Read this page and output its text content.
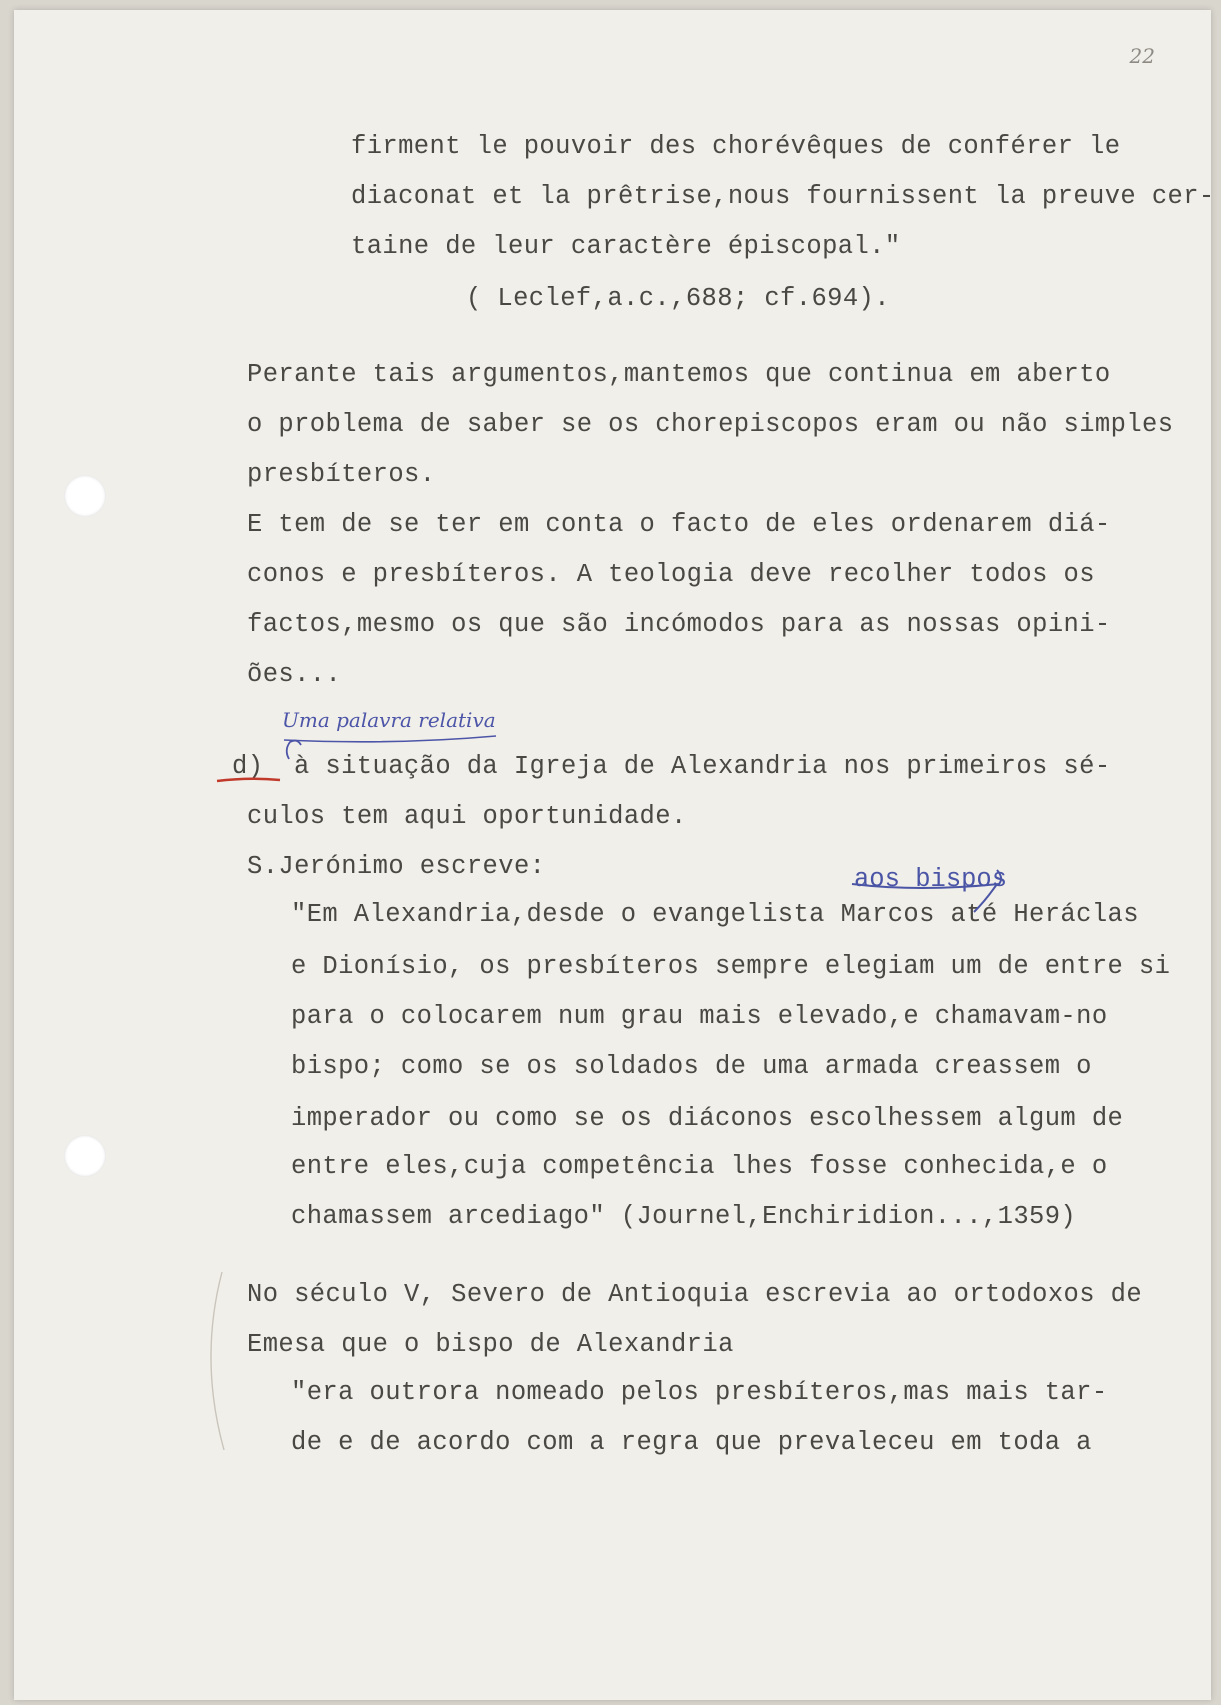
22
firment le pouvoir des chorévêques de conférer le
diaconat et la prêtrise,nous fournissent la preuve cer-
taine de leur caractère épiscopal."
( Leclef,a.c.,688; cf.694).
Perante tais argumentos,mantemos que continua em aberto
o problema de saber se os chorepiscopos eram ou não simples
presbíteros.
E tem de se ter em conta o facto de eles ordenarem diá-
conos e presbíteros. A teologia deve recolher todos os
factos,mesmo os que são incómodos para as nossas opini-
ões...
Uma palavra relativa
d) à situação da Igreja de Alexandria nos primeiros sé-
culos tem aqui oportunidade.
S.Jerónimo escreve:	aos bispos
"Em Alexandria,desde o evangelista Marcos até Heráclas
e Dionísio, os presbíteros sempre elegiam um de entre si
para o colocarem num grau mais elevado,e chamavam-no
bispo; como se os soldados de uma armada creassem o
imperador ou como se os diáconos escolhessem algum de
entre eles,cuja competência lhes fosse conhecida,e o
chamassem arcediago" (Journel,Enchiridion...,1359)
No século V, Severo de Antioquia escrevia ao ortodoxos de
Emesa que o bispo de Alexandria
"era outrora nomeado pelos presbíteros,mas mais tar-
de e de acordo com a regra que prevaleceu em toda a
